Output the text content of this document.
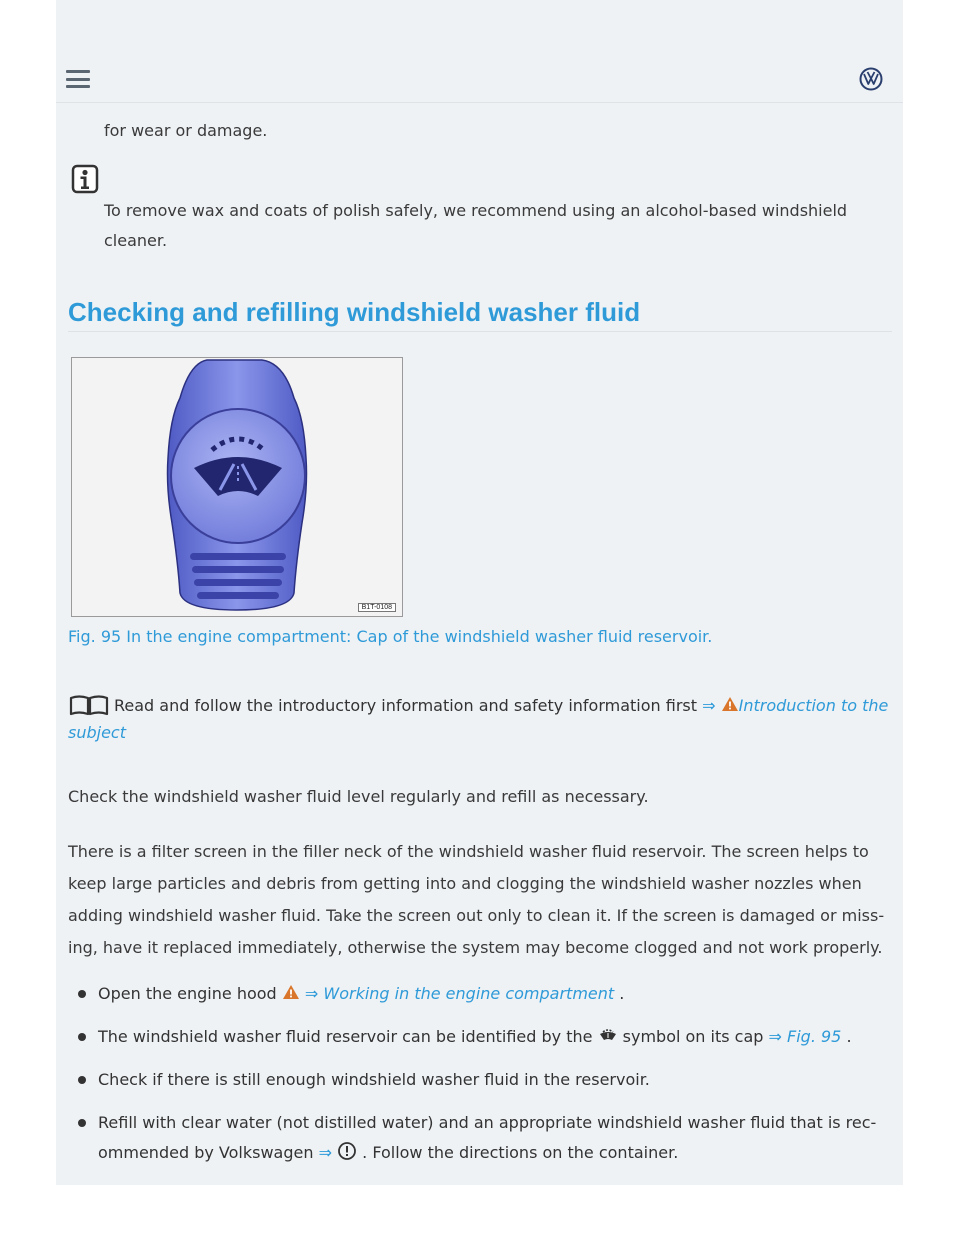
for wear or damage.
To remove wax and coats of polish safely, we recommend using an alcohol-based windshield cleaner.
Checking and refilling windshield washer fluid
B1T-0108
Fig. 95 In the engine compartment: Cap of the windshield washer fluid reservoir.
Read and follow the introductory information and safety information first ⇒ Introduction to the subject
Check the windshield washer fluid level regularly and refill as necessary.
There is a filter screen in the filler neck of the windshield washer fluid reservoir. The screen helps to keep large particles and debris from getting into and clogging the windshield washer nozzles when adding windshield washer fluid. Take the screen out only to clean it. If the screen is damaged or miss-ing, have it replaced immediately, otherwise the system may become clogged and not work properly.
Open the engine hood ⇒ Working in the engine compartment .
The windshield washer fluid reservoir can be identified by the symbol on its cap ⇒ Fig. 95 .
Check if there is still enough windshield washer fluid in the reservoir.
Refill with clear water (not distilled water) and an appropriate windshield washer fluid that is rec-ommended by Volkswagen ⇒ . Follow the directions on the container.
